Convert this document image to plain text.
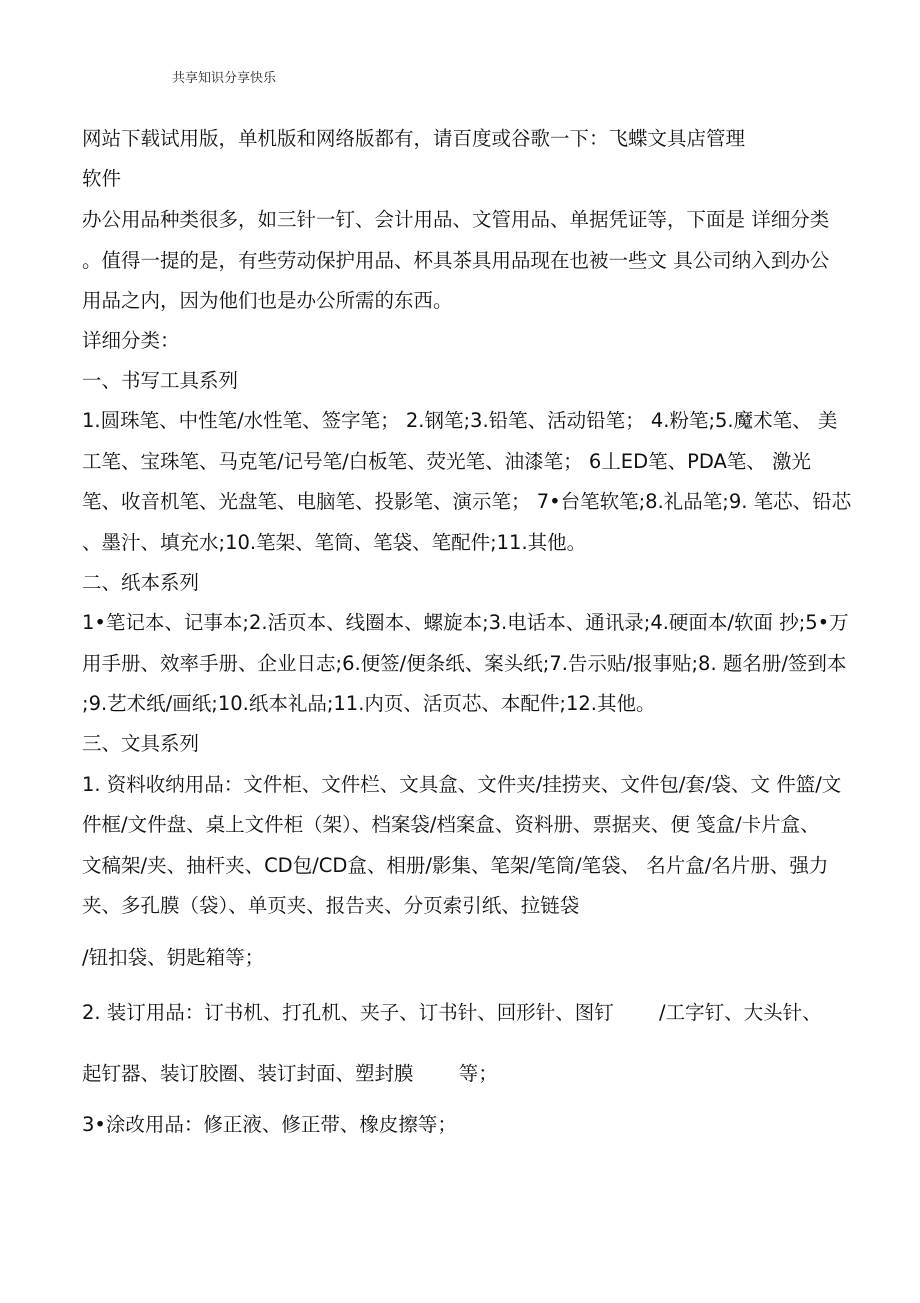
共享知识分享快乐
网站下载试用版，单机版和网络版都有，请百度或谷歌一下：飞蝶文具店管理
软件
办公用品种类很多，如三针一钉、会计用品、文管用品、单据凭证等，下面是 详细分类
。值得一提的是，有些劳动保护用品、杯具茶具用品现在也被一些文 具公司纳入到办公
用品之内，因为他们也是办公所需的东西。
详细分类：
一、书写工具系列
1.圆珠笔、中性笔/水性笔、签字笔； 2.钢笔;3.铅笔、活动铅笔； 4.粉笔;5.魔术笔、 美
工笔、宝珠笔、马克笔/记号笔/白板笔、荧光笔、油漆笔； 6丄ED笔、PDA笔、 激光
笔、收音机笔、光盘笔、电脑笔、投影笔、演示笔； 7•台笔软笔;8.礼品笔;9. 笔芯、铅芯
、墨汁、填充水;10.笔架、笔筒、笔袋、笔配件;11.其他。
二、纸本系列
1•笔记本、记事本;2.活页本、线圈本、螺旋本;3.电话本、通讯录;4.硬面本/软面 抄;5•万
用手册、效率手册、企业日志;6.便签/便条纸、案头纸;7.告示贴/报事贴;8. 题名册/签到本
;9.艺术纸/画纸;10.纸本礼品;11.内页、活页芯、本配件;12.其他。
三、文具系列
1. 资料收纳用品：文件柜、文件栏、文具盒、文件夹/挂捞夹、文件包/套/袋、文 件篮/文
件框/文件盘、桌上文件柜（架）、档案袋/档案盒、资料册、票据夹、便 笺盒/卡片盒、
文稿架/夹、抽杆夹、CD包/CD盒、相册/影集、笔架/笔筒/笔袋、 名片盒/名片册、强力
夹、多孔膜（袋）、单页夹、报告夹、分页索引纸、拉链袋
/钮扣袋、钥匙箱等；
2. 装订用品：订书机、打孔机、夹子、订书针、回形针、图钉 　　/工字钉、大头针、
起钉器、装订胶圈、装订封面、塑封膜 　　等；
3•涂改用品：修正液、修正带、橡皮擦等；
